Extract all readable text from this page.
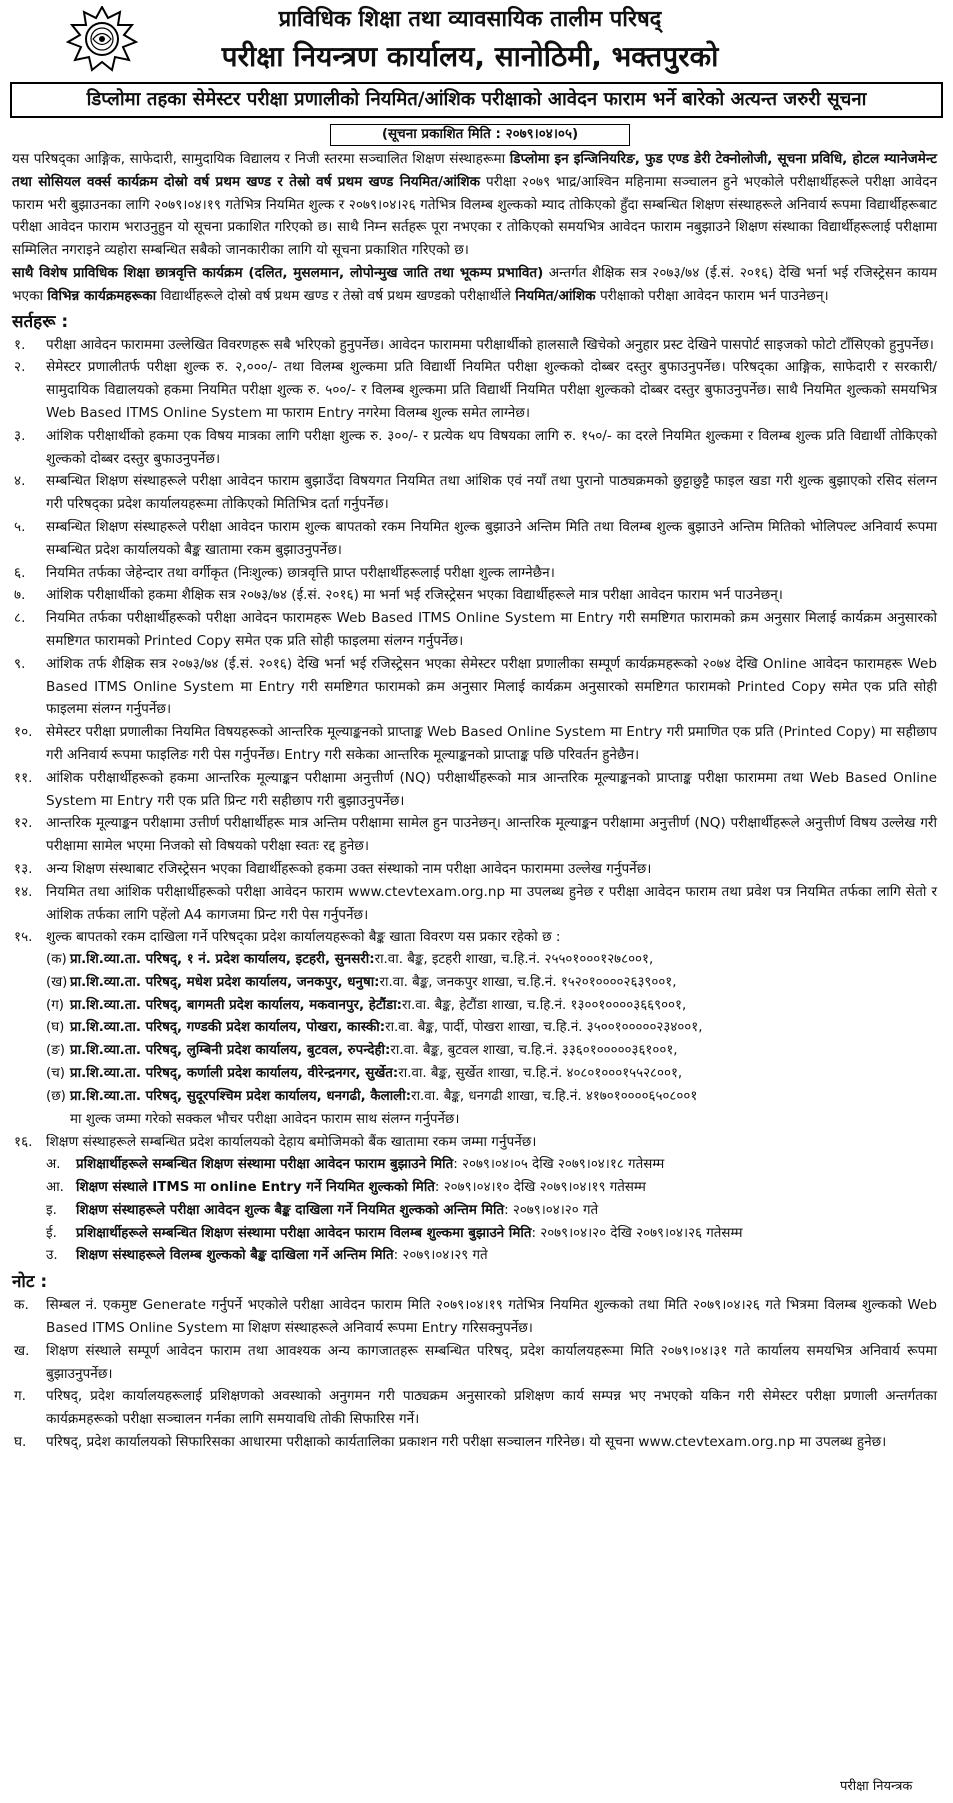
प्राविधिक शिक्षा तथा व्यावसायिक तालीम परिषद्
परीक्षा नियन्त्रण कार्यालय, सानोठिमी, भक्तपुरको
डिप्लोमा तहका सेमेस्टर परीक्षा प्रणालीको नियमित/आंशिक परीक्षाको आवेदन फाराम भर्ने बारेको अत्यन्त जरुरी सूचना
(सूचना प्रकाशित मिति : २०७९।०४।०५)

यस परिषद्का आङ्गिक, साफेदारी, सामुदायिक विद्यालय र निजी स्तरमा सञ्चालित शिक्षण संस्थाहरूमा डिप्लोमा इन इन्जिनियरिङ, फुड एण्ड डेरी टेक्नोलोजी, सूचना प्रविधि, होटल म्यानेजमेन्ट तथा सोसियल वर्क्स कार्यक्रम दोस्रो वर्ष प्रथम खण्ड र तेस्रो वर्ष प्रथम खण्ड नियमित/आंशिक परीक्षा २०७९ भाद्र/आश्विन महिनामा सञ्चालन हुने भएकोले परीक्षार्थीहरूले परीक्षा आवेदन फाराम भरी बुझाउनका लागि २०७९।०४।१९ गतेभित्र नियमित शुल्क र २०७९।०४।२६ गतेभित्र विलम्ब शुल्कको म्याद तोकिएको हुँदा सम्बन्धित शिक्षण संस्थाहरूले अनिवार्य रूपमा विद्यार्थीहरूबाट परीक्षा आवेदन फाराम भराउनुहुन यो सूचना प्रकाशित गरिएको छ। साथै निम्न सर्तहरू पूरा नभएका र तोकिएको समयभित्र आवेदन फाराम नबुझाउने शिक्षण संस्थाका विद्यार्थीहरूलाई परीक्षामा सम्मिलित नगराइने व्यहोरा सम्बन्धित सबैको जानकारीका लागि यो सूचना प्रकाशित गरिएको छ।

साथै विशेष प्राविधिक शिक्षा छात्रवृत्ति कार्यक्रम (दलित, मुसलमान, लोपोन्मुख जाति तथा भूकम्प प्रभावित) अन्तर्गत शैक्षिक सत्र २०७३/७४ (ई.सं. २०१६) देखि भर्ना भई रजिस्ट्रेसन कायम भएका विभिन्न कार्यक्रमहरूका विद्यार्थीहरूले दोस्रो वर्ष प्रथम खण्ड र तेस्रो वर्ष प्रथम खण्डको परीक्षार्थीले नियमित/आंशिक परीक्षाको परीक्षा आवेदन फाराम भर्न पाउनेछन्।

सर्तहरू :
१.	परीक्षा आवेदन फाराममा उल्लेखित विवरणहरू सबै भरिएको हुनुपर्नेछ। आवेदन फाराममा परीक्षार्थीको हालसालै खिचेको अनुहार प्रस्ट देखिने पासपोर्ट साइजको फोटो टाँसिएको हुनुपर्नेछ।
२.	सेमेस्टर प्रणालीतर्फ परीक्षा शुल्क रु. २,०००/- तथा विलम्ब शुल्कमा प्रति विद्यार्थी नियमित परीक्षा शुल्कको दोब्बर दस्तुर बुफाउनुपर्नेछ। परिषद्का आङ्गिक, साफेदारी र सरकारी/सामुदायिक विद्यालयको हकमा नियमित परीक्षा शुल्क रु. ५००/- र विलम्ब शुल्कमा प्रति विद्यार्थी नियमित परीक्षा शुल्कको दोब्बर दस्तुर बुफाउनुपर्नेछ। साथै नियमित शुल्कको समयभित्र Web Based ITMS Online System मा फाराम Entry नगरेमा विलम्ब शुल्क समेत लाग्नेछ।
३.	आंशिक परीक्षार्थीको हकमा एक विषय मात्रका लागि परीक्षा शुल्क रु. ३००/- र प्रत्येक थप विषयका लागि रु. १५०/- का दरले नियमित शुल्कमा र विलम्ब शुल्क प्रति विद्यार्थी तोकिएको शुल्कको दोब्बर दस्तुर बुफाउनुपर्नेछ।
४.	सम्बन्धित शिक्षण संस्थाहरूले परीक्षा आवेदन फाराम बुझाउँदा विषयगत नियमित तथा आंशिक एवं नयाँ तथा पुरानो पाठ्यक्रमको छुट्टाछुट्टै फाइल खडा गरी शुल्क बुझाएको रसिद संलग्न गरी परिषद्का प्रदेश कार्यालयहरूमा तोकिएको मितिभित्र दर्ता गर्नुपर्नेछ।
५.	सम्बन्धित शिक्षण संस्थाहरूले परीक्षा आवेदन फाराम शुल्क बापतको रकम नियमित शुल्क बुझाउने अन्तिम मिति तथा विलम्ब शुल्क बुझाउने अन्तिम मितिको भोलिपल्ट अनिवार्य रूपमा सम्बन्धित प्रदेश कार्यालयको बैङ्क खातामा रकम बुझाउनुपर्नेछ।
६.	नियमित तर्फका जेहेन्दार तथा वर्गीकृत (निःशुल्क) छात्रवृत्ति प्राप्त परीक्षार्थीहरूलाई परीक्षा शुल्क लाग्नेछैन।
७.	आंशिक परीक्षार्थीको हकमा शैक्षिक सत्र २०७३/७४ (ई.सं. २०१६) मा भर्ना भई रजिस्ट्रेसन भएका विद्यार्थीहरूले मात्र परीक्षा आवेदन फाराम भर्न पाउनेछन्।
८.	नियमित तर्फका परीक्षार्थीहरूको परीक्षा आवेदन फारामहरू Web Based ITMS Online System मा Entry गरी समष्टिगत फारामको क्रम अनुसार मिलाई कार्यक्रम अनुसारको समष्टिगत फारामको Printed Copy समेत एक प्रति सोही फाइलमा संलग्न गर्नुपर्नेछ।
९.	आंशिक तर्फ शैक्षिक सत्र २०७३/७४ (ई.सं. २०१६) देखि भर्ना भई रजिस्ट्रेसन भएका सेमेस्टर परीक्षा प्रणालीका सम्पूर्ण कार्यक्रमहरूको २०७४ देखि Online आवेदन फारामहरू Web Based ITMS Online System मा Entry गरी समष्टिगत फारामको क्रम अनुसार मिलाई कार्यक्रम अनुसारको समष्टिगत फारामको Printed Copy समेत एक प्रति सोही फाइलमा संलग्न गर्नुपर्नेछ।
१०. सेमेस्टर परीक्षा प्रणालीका नियमित विषयहरूको आन्तरिक मूल्याङ्कनको प्राप्ताङ्क Web Based Online System मा Entry गरी प्रमाणित एक प्रति (Printed Copy) मा सहीछाप गरी अनिवार्य रूपमा फाइलिङ गरी पेस गर्नुपर्नेछ। Entry गरी सकेका आन्तरिक मूल्याङ्कनको प्राप्ताङ्क पछि परिवर्तन हुनेछैन।
११. आंशिक परीक्षार्थीहरूको हकमा आन्तरिक मूल्याङ्कन परीक्षामा अनुत्तीर्ण (NQ) परीक्षार्थीहरूको मात्र आन्तरिक मूल्याङ्कनको प्राप्ताङ्क परीक्षा फाराममा तथा Web Based Online System मा Entry गरी एक प्रति प्रिन्ट गरी सहीछाप गरी बुझाउनुपर्नेछ।
१२. आन्तरिक मूल्याङ्कन परीक्षामा उत्तीर्ण परीक्षार्थीहरू मात्र अन्तिम परीक्षामा सामेल हुन पाउनेछन्। आन्तरिक मूल्याङ्कन परीक्षामा अनुत्तीर्ण (NQ) परीक्षार्थीहरूले अनुत्तीर्ण विषय उल्लेख गरी परीक्षामा सामेल भएमा निजको सो विषयको परीक्षा स्वतः रद्द हुनेछ।
१३. अन्य शिक्षण संस्थाबाट रजिस्ट्रेसन भएका विद्यार्थीहरूको हकमा उक्त संस्थाको नाम परीक्षा आवेदन फाराममा उल्लेख गर्नुपर्नेछ।
१४. नियमित तथा आंशिक परीक्षार्थीहरूको परीक्षा आवेदन फाराम www.ctevtexam.org.np मा उपलब्ध हुनेछ र परीक्षा आवेदन फाराम तथा प्रवेश पत्र नियमित तर्फका लागि सेतो र आंशिक तर्फका लागि पहेंलो A4 कागजमा प्रिन्ट गरी पेस गर्नुपर्नेछ।
१५. शुल्क बापतको रकम दाखिला गर्ने परिषद्का प्रदेश कार्यालयहरूको बैङ्क खाता विवरण यस प्रकार रहेको छ :
(क) प्रा.शि.व्या.ता. परिषद्, १ नं. प्रदेश कार्यालय, इटहरी, सुनसरी: रा.वा. बैङ्क, इटहरी शाखा, च.हि.नं. २५५०१०००१२७८००१,
(ख) प्रा.शि.व्या.ता. परिषद्, मधेश प्रदेश कार्यालय, जनकपुर, धनुषा: रा.वा. बैङ्क, जनकपुर शाखा, च.हि.नं. १५२०१००००२६३९००१,
(ग) प्रा.शि.व्या.ता. परिषद्, बागमती प्रदेश कार्यालय, मकवानपुर, हेटौंडा: रा.वा. बैङ्क, हेटौंडा शाखा, च.हि.नं. १३००१००००३६६९००१,
(घ) प्रा.शि.व्या.ता. परिषद्, गण्डकी प्रदेश कार्यालय, पोखरा, कास्की: रा.वा. बैङ्क, पार्दी, पोखरा शाखा, च.हि.नं. ३५००१०००००२३४००१,
(ङ) प्रा.शि.व्या.ता. परिषद्, लुम्बिनी प्रदेश कार्यालय, बुटवल, रुपन्देही: रा.वा. बैङ्क, बुटवल शाखा, च.हि.नं. ३३६०१०००००३६१००१,
(च) प्रा.शि.व्या.ता. परिषद्, कर्णाली प्रदेश कार्यालय, वीरेन्द्रनगर, सुर्खेत: रा.वा. बैङ्क, सुर्खेत शाखा, च.हि.नं. ४०८०१०००१५५२८००१,
(छ) प्रा.शि.व्या.ता. परिषद्, सुदूरपश्चिम प्रदेश कार्यालय, धनगढी, कैलाली: रा.वा. बैङ्क, धनगढी शाखा, च.हि.नं. ४१७०१००००६५०८००१
मा शुल्क जम्मा गरेको सक्कल भौचर परीक्षा आवेदन फाराम साथ संलग्न गर्नुपर्नेछ।
१६. शिक्षण संस्थाहरूले सम्बन्धित प्रदेश कार्यालयको देहाय बमोजिमको बैंक खातामा रकम जम्मा गर्नुपर्नेछ।
अ.	प्रशिक्षार्थीहरूले सम्बन्धित शिक्षण संस्थामा परीक्षा आवेदन फाराम बुझाउने मिति : २०७९।०४।०५ देखि २०७९।०४।१८ गतेसम्म
आ. शिक्षण संस्थाले ITMS मा online Entry गर्ने नियमित शुल्कको मिति : २०७९।०४।१० देखि २०७९।०४।१९ गतेसम्म
इ.	शिक्षण संस्थाहरूले परीक्षा आवेदन शुल्क बैङ्क दाखिला गर्ने नियमित शुल्कको अन्तिम मिति : २०७९।०४।२० गते
ई.	प्रशिक्षार्थीहरूले सम्बन्धित शिक्षण संस्थामा परीक्षा आवेदन फाराम विलम्ब शुल्कमा बुझाउने मिति : २०७९।०४।२० देखि २०७९।०४।२६ गतेसम्म
उ.	शिक्षण संस्थाहरूले विलम्ब शुल्कको बैङ्क दाखिला गर्ने अन्तिम मिति : २०७९।०४।२९ गते
नोट :
क.	सिम्बल नं. एकमुष्ट Generate गर्नुपर्ने भएकोले परीक्षा आवेदन फाराम मिति २०७९।०४।१९ गतेभित्र नियमित शुल्कको तथा मिति २०७९।०४।२६ गते भित्रमा विलम्ब शुल्कको Web Based ITMS Online System मा शिक्षण संस्थाहरूले अनिवार्य रूपमा Entry गरिसक्नुपर्नेछ।
ख.	शिक्षण संस्थाले सम्पूर्ण आवेदन फाराम तथा आवश्यक अन्य कागजातहरू सम्बन्धित परिषद्, प्रदेश कार्यालयहरूमा मिति २०७९।०४।३१ गते कार्यालय समयभित्र अनिवार्य रूपमा बुझाउनुपर्नेछ।
ग.	परिषद्, प्रदेश कार्यालयहरूलाई प्रशिक्षणको अवस्थाको अनुगमन गरी पाठ्यक्रम अनुसारको प्रशिक्षण कार्य सम्पन्न भए नभएको यकिन गरी सेमेस्टर परीक्षा प्रणाली अन्तर्गतका कार्यक्रमहरूको परीक्षा सञ्चालन गर्नका लागि समयावधि तोकी सिफारिस गर्ने।
घ.	परिषद्, प्रदेश कार्यालयको सिफारिसका आधारमा परीक्षाको कार्यतालिका प्रकाशन गरी परीक्षा सञ्चालन गरिनेछ। यो सूचना www.ctevtexam.org.np मा उपलब्ध हुनेछ।
परीक्षा नियन्त्रक
